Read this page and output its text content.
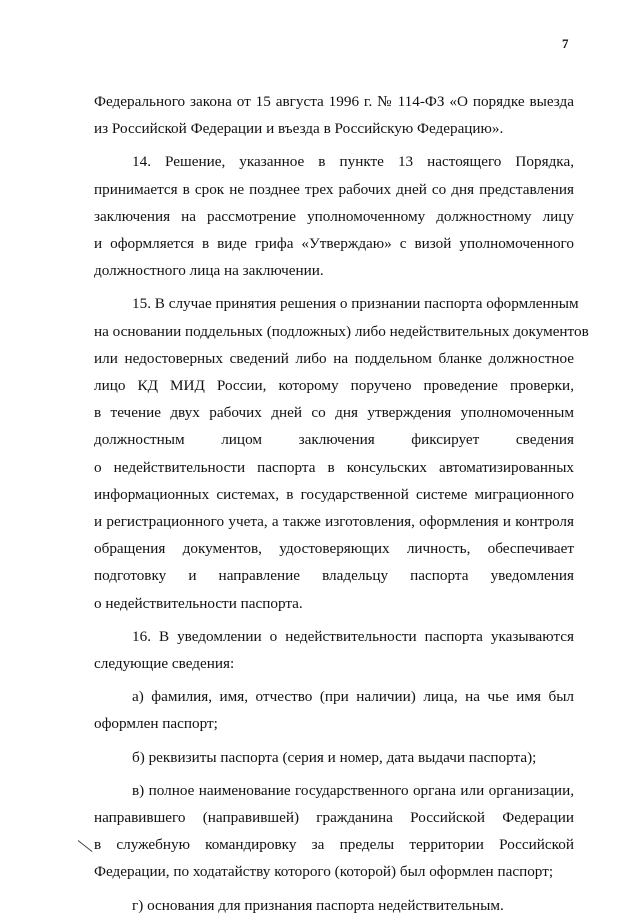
7

Федерального закона от 15 августа 1996 г. № 114-ФЗ «О порядке выезда
из Российской Федерации и въезда в Российскую Федерацию».

14. Решение, указанное в пункте 13 настоящего Порядка,
принимается в срок не позднее трех рабочих дней со дня представления
заключения на рассмотрение уполномоченному должностному лицу
и оформляется в виде грифа «Утверждаю» с визой уполномоченного
должностного лица на заключении.

15. В случае принятия решения о признании паспорта оформленным
на основании поддельных (подложных) либо недействительных документов
или недостоверных сведений либо на поддельном бланке должностное
лицо КД МИД России, которому поручено проведение проверки,
в течение двух рабочих дней со дня утверждения уполномоченным
должностным лицом заключения фиксирует сведения
о недействительности паспорта в консульских автоматизированных
информационных системах, в государственной системе миграционного
и регистрационного учета, а также изготовления, оформления и контроля
обращения документов, удостоверяющих личность, обеспечивает
подготовку и направление владельцу паспорта уведомления
о недействительности паспорта.

16. В уведомлении о недействительности паспорта указываются
следующие сведения:

а) фамилия, имя, отчество (при наличии) лица, на чье имя был
оформлен паспорт;

б) реквизиты паспорта (серия и номер, дата выдачи паспорта);

в) полное наименование государственного органа или организации,
направившего (направившей) гражданина Российской Федерации
в служебную командировку за пределы территории Российской
Федерации, по ходатайству которого (которой) был оформлен паспорт;

г) основания для признания паспорта недействительным.
